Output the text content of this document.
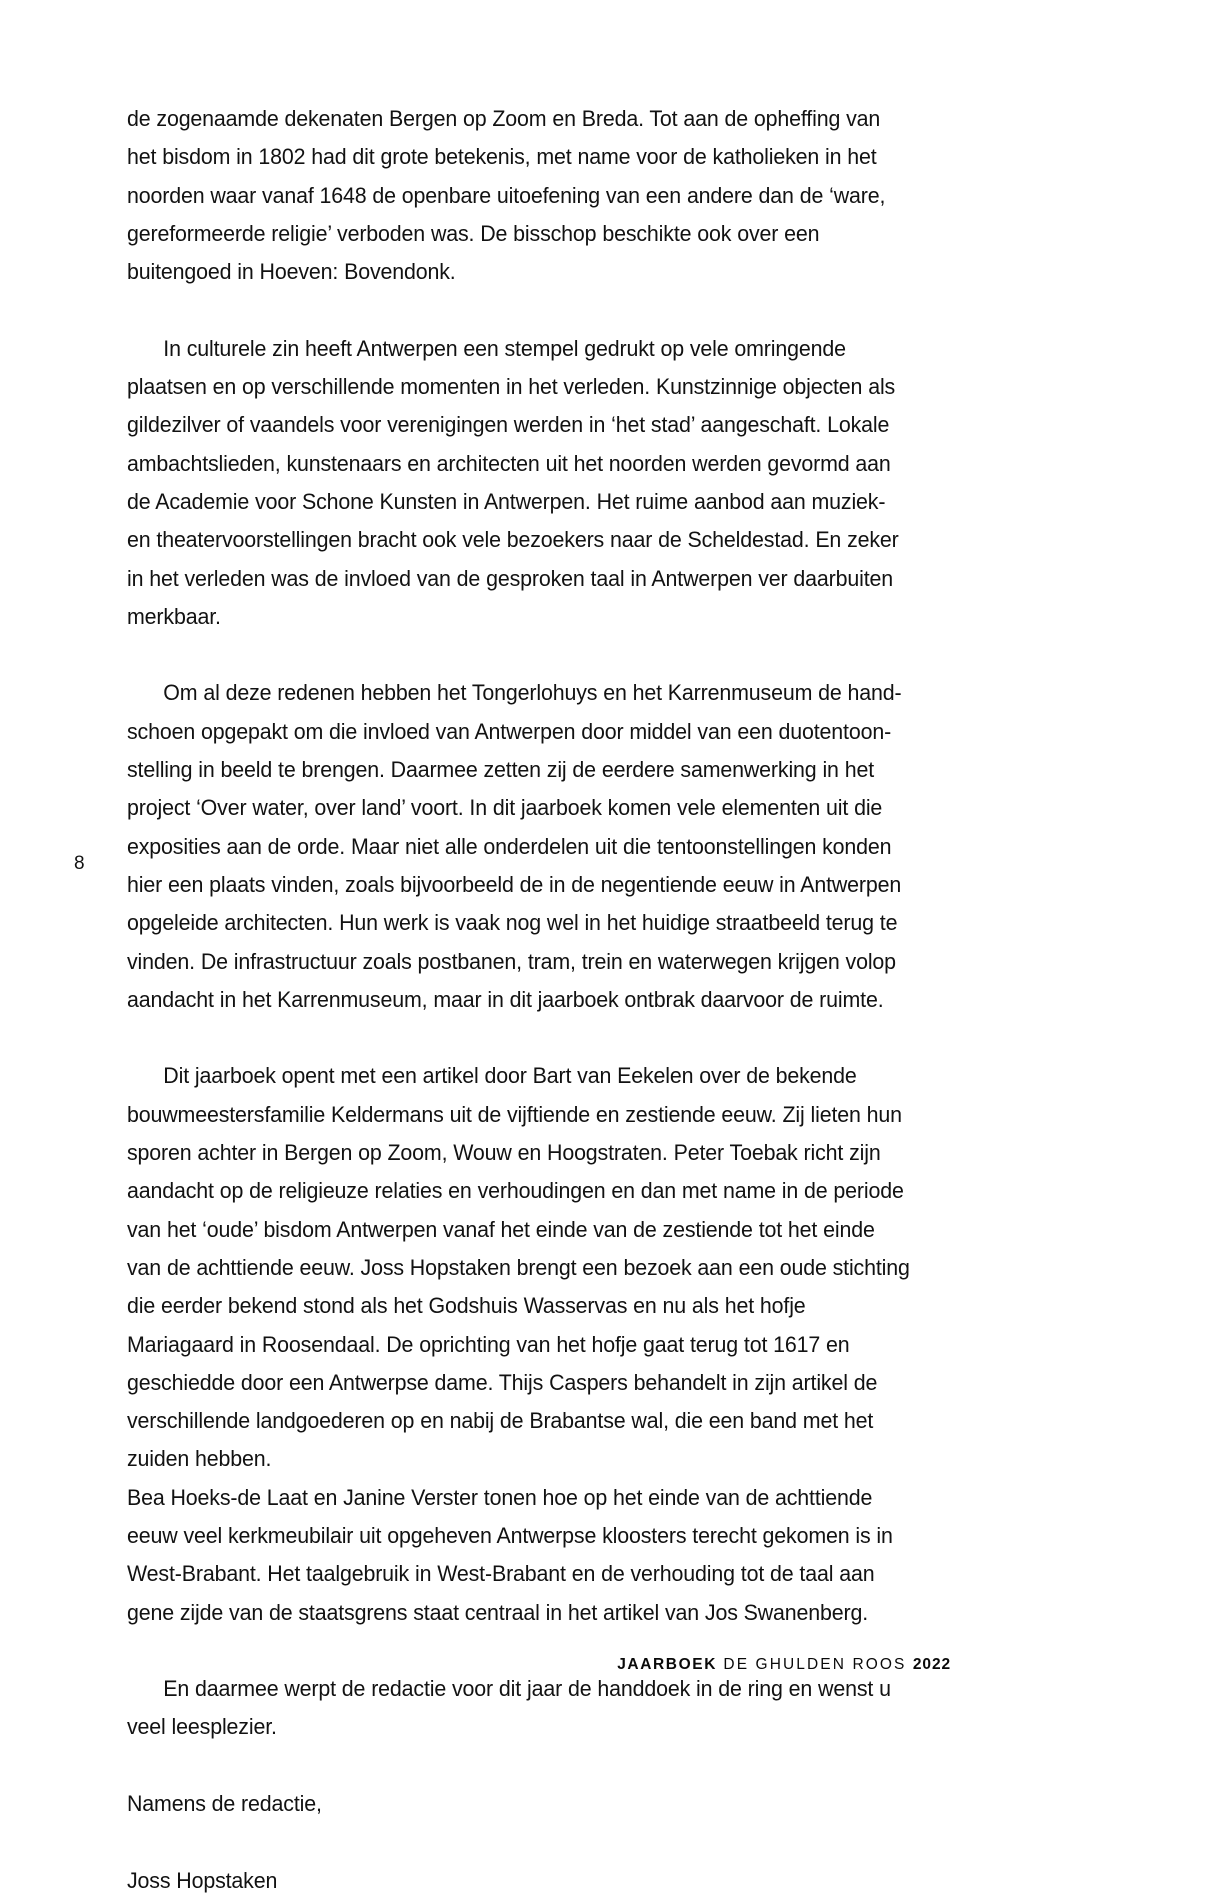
8

de zogenaamde dekenaten Bergen op Zoom en Breda. Tot aan de opheffing van het bisdom in 1802 had dit grote betekenis, met name voor de katholieken in het noorden waar vanaf 1648 de openbare uitoefening van een andere dan de ‘ware, gereformeerde religie’ verboden was. De bisschop beschikte ook over een buitengoed in Hoeven: Bovendonk.

In culturele zin heeft Antwerpen een stempel gedrukt op vele omringende plaatsen en op verschillende momenten in het verleden. Kunstzinnige objecten als gildezilver of vaandels voor verenigingen werden in ‘het stad’ aangeschaft. Lokale ambachtslieden, kunstenaars en architecten uit het noorden werden gevormd aan de Academie voor Schone Kunsten in Antwerpen. Het ruime aanbod aan muziek- en theatervoorstellingen bracht ook vele bezoekers naar de Scheldestad. En zeker in het verleden was de invloed van de gesproken taal in Antwerpen ver daarbuiten merkbaar.

Om al deze redenen hebben het Tongerlohuys en het Karrenmuseum de hand-schoen opgepakt om die invloed van Antwerpen door middel van een duotentoon-stelling in beeld te brengen. Daarmee zetten zij de eerdere samenwerking in het project ‘Over water, over land’ voort. In dit jaarboek komen vele elementen uit die exposities aan de orde. Maar niet alle onderdelen uit die tentoonstellingen konden hier een plaats vinden, zoals bijvoorbeeld de in de negentiende eeuw in Antwerpen opgeleide architecten. Hun werk is vaak nog wel in het huidige straatbeeld terug te vinden. De infrastructuur zoals postbanen, tram, trein en waterwegen krijgen volop aandacht in het Karrenmuseum, maar in dit jaarboek ontbrak daarvoor de ruimte.

Dit jaarboek opent met een artikel door Bart van Eekelen over de bekende bouwmeestersfamilie Keldermans uit de vijftiende en zestiende eeuw. Zij lieten hun sporen achter in Bergen op Zoom, Wouw en Hoogstraten. Peter Toebak richt zijn aandacht op de religieuze relaties en verhoudingen en dan met name in de periode van het ‘oude’ bisdom Antwerpen vanaf het einde van de zestiende tot het einde van de achttiende eeuw. Joss Hopstaken brengt een bezoek aan een oude stichting die eerder bekend stond als het Godshuis Wasservas en nu als het hofje Mariagaard in Roosendaal. De oprichting van het hofje gaat terug tot 1617 en geschiedde door een Antwerpse dame. Thijs Caspers behandelt in zijn artikel de verschillende landgoederen op en nabij de Brabantse wal, die een band met het zuiden hebben.

Bea Hoeks-de Laat en Janine Verster tonen hoe op het einde van de achttiende eeuw veel kerkmeubilair uit opgeheven Antwerpse kloosters terecht gekomen is in West-Brabant. Het taalgebruik in West-Brabant en de verhouding tot de taal aan gene zijde van de staatsgrens staat centraal in het artikel van Jos Swanenberg.

En daarmee werpt de redactie voor dit jaar de handdoek in de ring en wenst u veel leesplezier.

Namens de redactie,

Joss Hopstaken

JAARBOEK DE GHULDEN ROOS 2022
